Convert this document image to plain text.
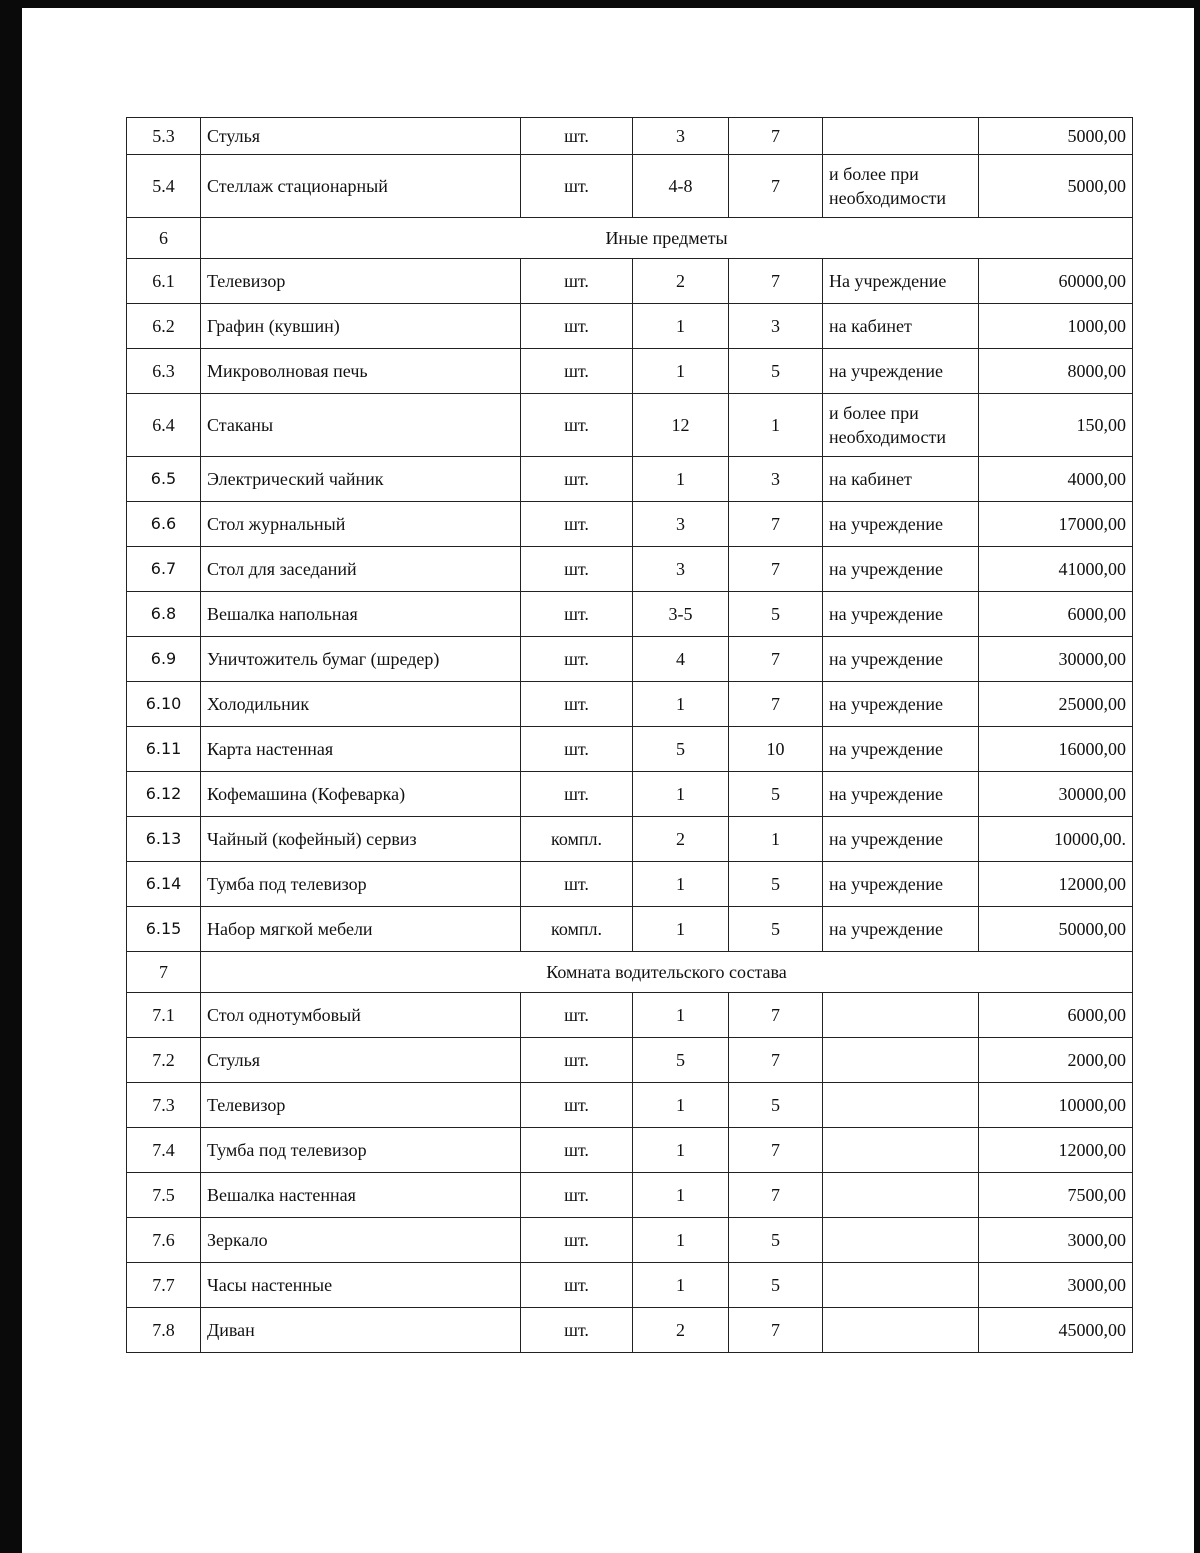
5.3	Стулья	шт.	3	7		5000,00
5.4	Стеллаж стационарный	шт.	4-8	7	и более при необходимости	5000,00
6	Иные предметы					
6.1	Телевизор	шт.	2	7	На учреждение	60000,00
6.2	Графин (кувшин)	шт.	1	3	на кабинет	1000,00
6.3	Микроволновая печь	шт.	1	5	на учреждение	8000,00
6.4	Стаканы	шт.	12	1	и более при необходимости	150,00
6.5	Электрический чайник	шт.	1	3	на кабинет	4000,00
6.6	Стол журнальный	шт.	3	7	на учреждение	17000,00
6.7	Стол для заседаний	шт.	3	7	на учреждение	41000,00
6.8	Вешалка напольная	шт.	3-5	5	на учреждение	6000,00
6.9	Уничтожитель бумаг (шредер)	шт.	4	7	на учреждение	30000,00
6.10	Холодильник	шт.	1	7	на учреждение	25000,00
6.11	Карта настенная	шт.	5	10	на учреждение	16000,00
6.12	Кофемашина (Кофеварка)	шт.	1	5	на учреждение	30000,00
6.13	Чайный (кофейный) сервиз	компл.	2	1	на учреждение	10000,00.
6.14	Тумба под телевизор	шт.	1	5	на учреждение	12000,00
6.15	Набор мягкой мебели	компл.	1	5	на учреждение	50000,00
7	Комната водительского состава					
7.1	Стол однотумбовый	шт.	1	7		6000,00
7.2	Стулья	шт.	5	7		2000,00
7.3	Телевизор	шт.	1	5		10000,00
7.4	Тумба под телевизор	шт.	1	7		12000,00
7.5	Вешалка настенная	шт.	1	7		7500,00
7.6	Зеркало	шт.	1	5		3000,00
7.7	Часы настенные	шт.	1	5		3000,00
7.8	Диван	шт.	2	7		45000,00
